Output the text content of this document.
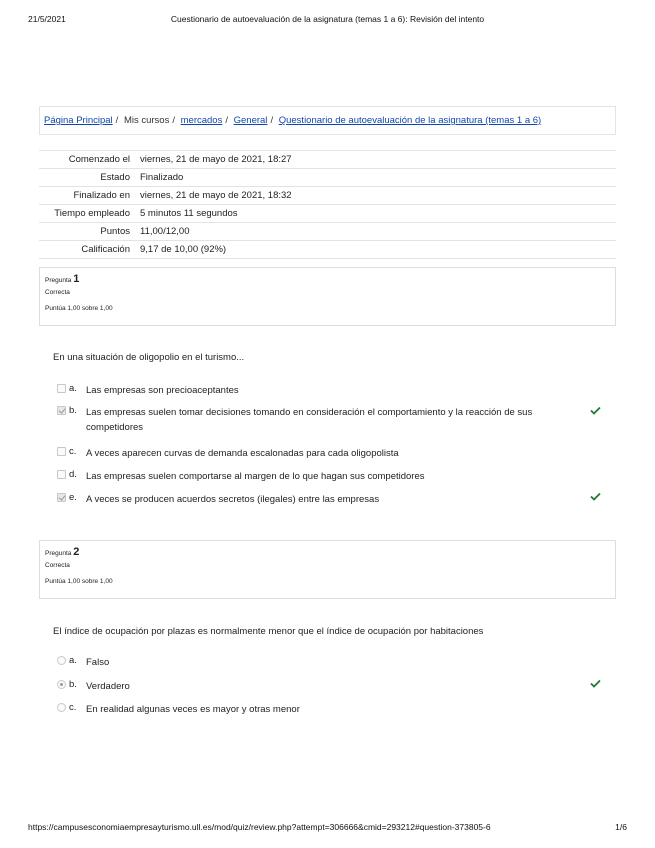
21/5/2021	Cuestionario de autoevaluación de la asignatura (temas 1 a 6): Revisión del intento
Página Principal / Mis cursos / mercados / General / Questionario de autoevaluación de la asignatura (temas 1 a 6)
Comenzado el viernes, 21 de mayo de 2021, 18:27
Estado Finalizado
Finalizado en viernes, 21 de mayo de 2021, 18:32
Tiempo empleado 5 minutos 11 segundos
Puntos 11,00/12,00
Calificación 9,17 de 10,00 (92%)
Pregunta 1
Correcta
Puntúa 1,00 sobre 1,00
En una situación de oligopolio en el turismo...
a. Las empresas son precioaceptantes
b. Las empresas suelen tomar decisiones tomando en consideración el comportamiento y la reacción de sus competidores
c. A veces aparecen curvas de demanda escalonadas para cada oligopolista
d. Las empresas suelen comportarse al margen de lo que hagan sus competidores
e. A veces se producen acuerdos secretos (ilegales) entre las empresas
Pregunta 2
Correcta
Puntúa 1,00 sobre 1,00
El índice de ocupación por plazas es normalmente menor que el índice de ocupación por habitaciones
a. Falso
b. Verdadero
c. En realidad algunas veces es mayor y otras menor
https://campusesconomiaempresayturismo.ull.es/mod/quiz/review.php?attempt=306666&cmid=293212#question-373805-6	1/6
